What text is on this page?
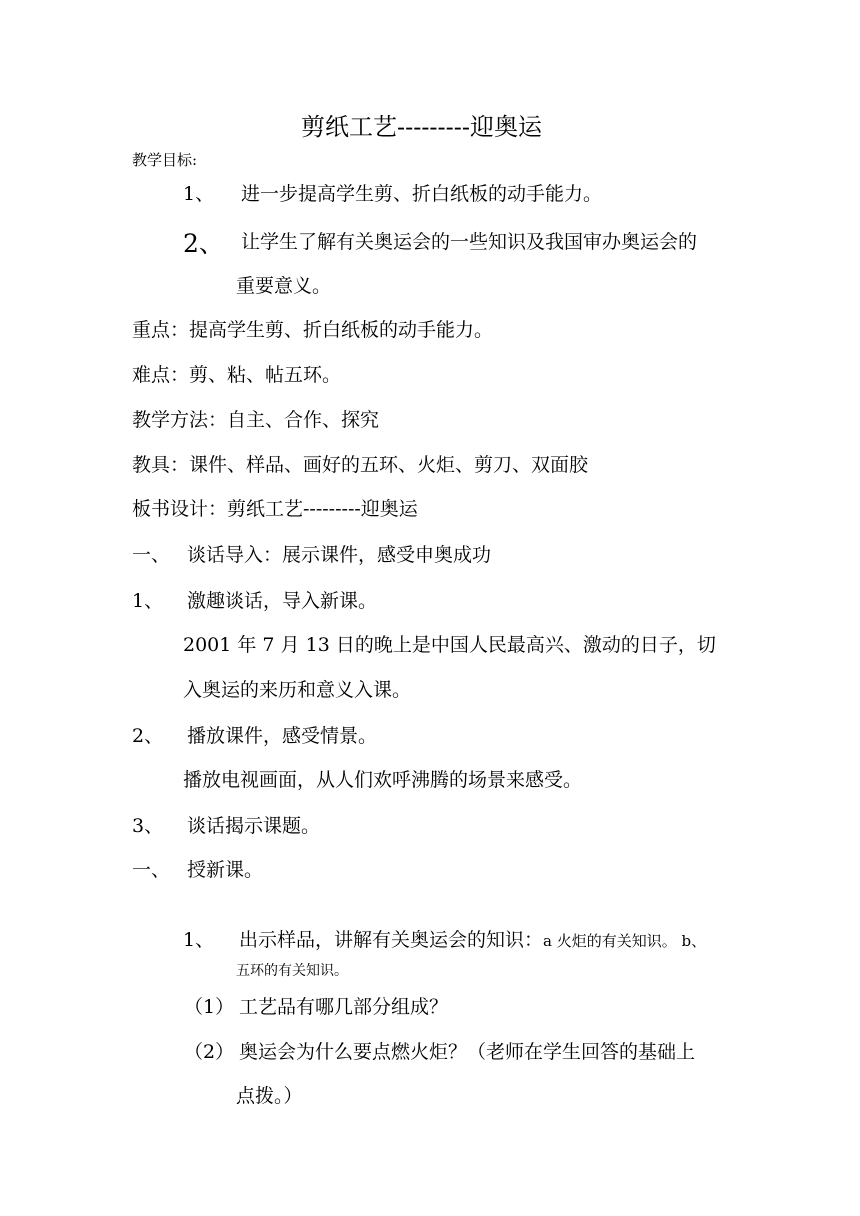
剪纸工艺---------迎奥运
教学目标:
1、 进一步提高学生剪、折白纸板的动手能力。
2、 让学生了解有关奥运会的一些知识及我国审办奥运会的
重要意义。
重点：提高学生剪、折白纸板的动手能力。
难点：剪、粘、帖五环。
教学方法：自主、合作、探究
教具：课件、样品、画好的五环、火炬、剪刀、双面胶
板书设计：剪纸工艺---------迎奥运
一、 谈话导入：展示课件，感受申奥成功
1、 激趣谈话，导入新课。
2001 年 7 月 13 日的晚上是中国人民最高兴、激动的日子，切
入奥运的来历和意义入课。
2、 播放课件，感受情景。
播放电视画面，从人们欢呼沸腾的场景来感受。
3、 谈话揭示课题。
一、 授新课。
1、 出示样品，讲解有关奥运会的知识：a 火炬的有关知识。 b、
五环的有关知识。
（1） 工艺品有哪几部分组成？
（2） 奥运会为什么要点燃火炬？（老师在学生回答的基础上
点拨。）
